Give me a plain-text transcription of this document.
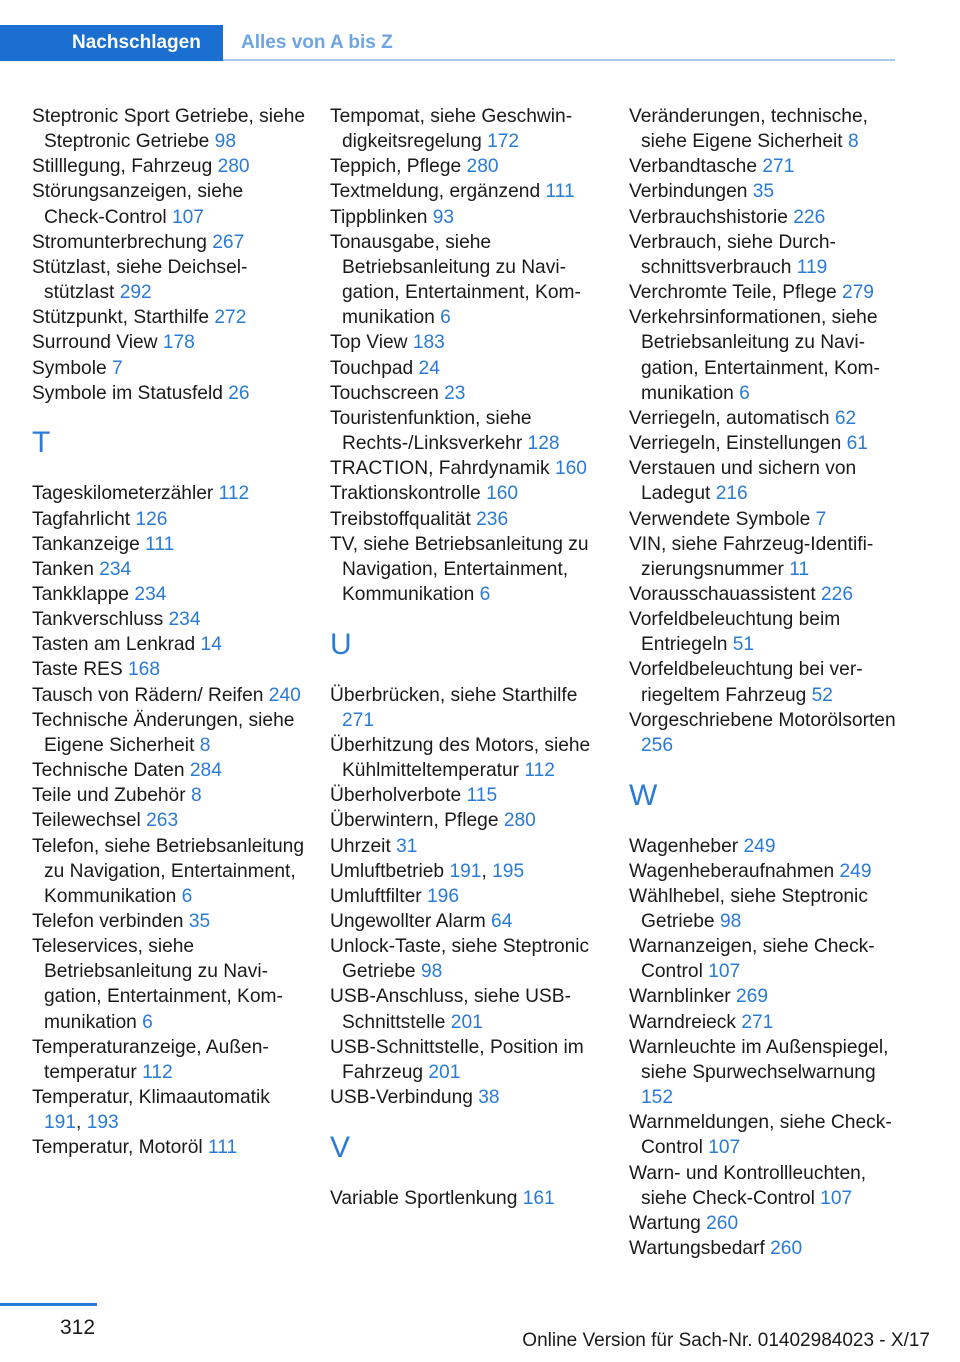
Nachschlagen Alles von A bis Z
Steptronic Sport Getriebe, siehe Steptronic Getriebe 98
Stilllegung, Fahrzeug 280
Störungsanzeigen, siehe Check-Control 107
Stromunterbrechung 267
Stützlast, siehe Deichselstützlast 292
Stützpunkt, Starthilfe 272
Surround View 178
Symbole 7
Symbole im Statusfeld 26
T
Tageskilometerzähler 112
Tagfahrlicht 126
Tankanzeige 111
Tanken 234
Tankklappe 234
Tankverschluss 234
Tasten am Lenkrad 14
Taste RES 168
Tausch von Rädern/ Reifen 240
Technische Änderungen, siehe Eigene Sicherheit 8
Technische Daten 284
Teile und Zubehör 8
Teilewechsel 263
Telefon, siehe Betriebsanleitung zu Navigation, Entertainment, Kommunikation 6
Telefon verbinden 35
Teleservices, siehe Betriebsanleitung zu Navigation, Entertainment, Kommunikation 6
Temperaturanzeige, Außentemperatur 112
Temperatur, Klimaautomatik 191, 193
Temperatur, Motoröl 111
Tempomat, siehe Geschwindigkeitsregelung 172
Teppich, Pflege 280
Textmeldung, ergänzend 111
Tippblinken 93
Tonausgabe, siehe Betriebsanleitung zu Navigation, Entertainment, Kommunikation 6
Top View 183
Touchpad 24
Touchscreen 23
Touristenfunktion, siehe Rechts-/Linksverkehr 128
TRACTION, Fahrdynamik 160
Traktionskontrolle 160
Treibstoffqualität 236
TV, siehe Betriebsanleitung zu Navigation, Entertainment, Kommunikation 6
U
Überbrücken, siehe Starthilfe 271
Überhitzung des Motors, siehe Kühlmitteltemperatur 112
Überholverbote 115
Überwintern, Pflege 280
Uhrzeit 31
Umluftbetrieb 191, 195
Umluftfilter 196
Ungewollter Alarm 64
Unlock-Taste, siehe Steptronic Getriebe 98
USB-Anschluss, siehe USB-Schnittstelle 201
USB-Schnittstelle, Position im Fahrzeug 201
USB-Verbindung 38
V
Variable Sportlenkung 161
Veränderungen, technische, siehe Eigene Sicherheit 8
Verbandtasche 271
Verbindungen 35
Verbrauchshistorie 226
Verbrauch, siehe Durchschnittsverbrauch 119
Verchromte Teile, Pflege 279
Verkehrsinformationen, siehe Betriebsanleitung zu Navigation, Entertainment, Kommunikation 6
Verriegeln, automatisch 62
Verriegeln, Einstellungen 61
Verstauen und sichern von Ladegut 216
Verwendete Symbole 7
VIN, siehe Fahrzeug-Identifizierungsnummer 11
Vorausschauassistent 226
Vorfeldbeleuchtung beim Entriegeln 51
Vorfeldbeleuchtung bei verriegeltem Fahrzeug 52
Vorgeschriebene Motorölsorten 256
W
Wagenheber 249
Wagenheberaufnahmen 249
Wählhebel, siehe Steptronic Getriebe 98
Warnanzeigen, siehe Check-Control 107
Warnblinker 269
Warndreieck 271
Warnleuchte im Außenspiegel, siehe Spurwechselwarnung 152
Warnmeldungen, siehe Check-Control 107
Warn- und Kontrollleuchten, siehe Check-Control 107
Wartung 260
Wartungsbedarf 260
312
Online Version für Sach-Nr. 01402984023 - X/17
